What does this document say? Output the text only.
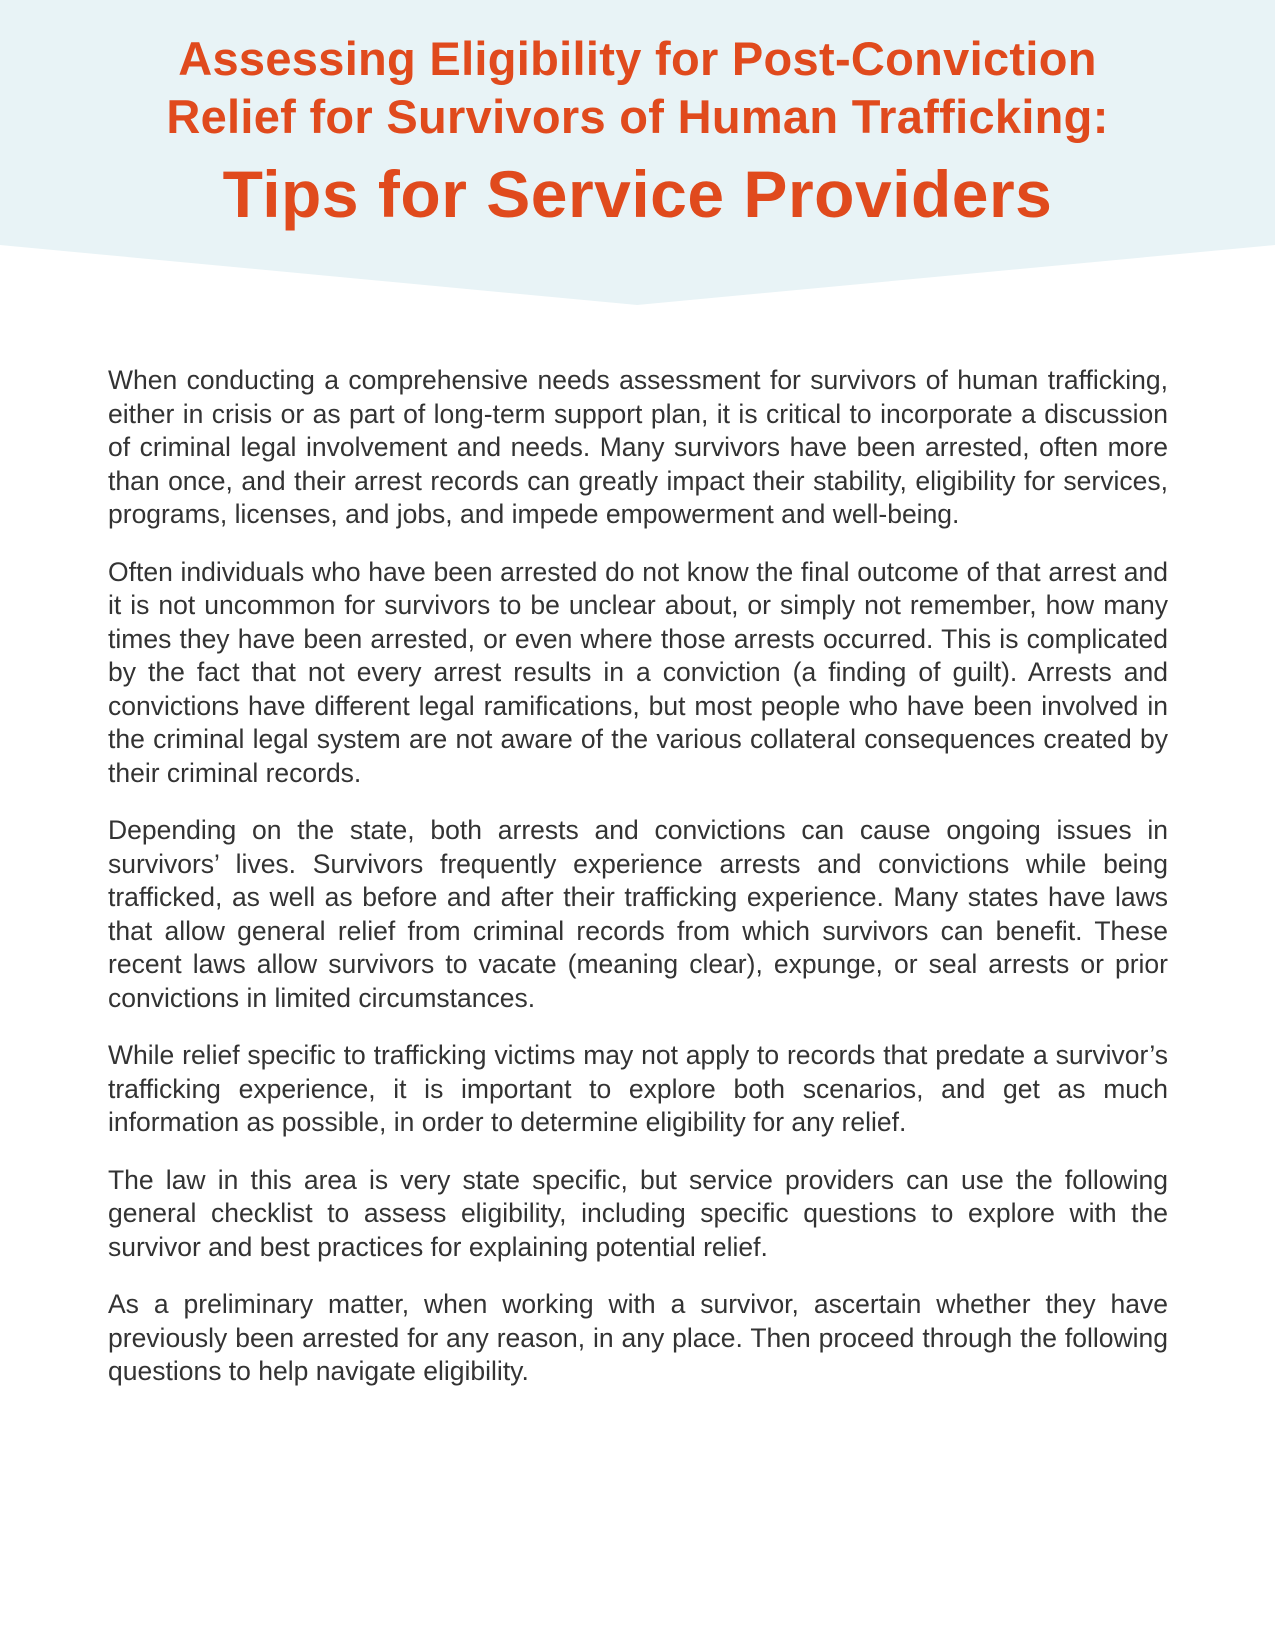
Assessing Eligibility for Post-Conviction
Relief for Survivors of Human Trafficking:
Tips for Service Providers

When conducting a comprehensive needs assessment for survivors of human trafficking, either in crisis or as part of long-term support plan, it is critical to incorporate a discussion of criminal legal involvement and needs. Many survivors have been arrested, often more than once, and their arrest records can greatly impact their stability, eligibility for services, programs, licenses, and jobs, and impede empowerment and well-being.

Often individuals who have been arrested do not know the final outcome of that arrest and it is not uncommon for survivors to be unclear about, or simply not remember, how many times they have been arrested, or even where those arrests occurred. This is complicated by the fact that not every arrest results in a conviction (a finding of guilt). Arrests and convictions have different legal ramifications, but most people who have been involved in the criminal legal system are not aware of the various collateral consequences created by their criminal records.

Depending on the state, both arrests and convictions can cause ongoing issues in survivors’ lives. Survivors frequently experience arrests and convictions while being trafficked, as well as before and after their trafficking experience. Many states have laws that allow general relief from criminal records from which survivors can benefit. These recent laws allow survivors to vacate (meaning clear), expunge, or seal arrests or prior convictions in limited circumstances.

While relief specific to trafficking victims may not apply to records that predate a survivor’s trafficking experience, it is important to explore both scenarios, and get as much information as possible, in order to determine eligibility for any relief.

The law in this area is very state specific, but service providers can use the following general checklist to assess eligibility, including specific questions to explore with the survivor and best practices for explaining potential relief.

As a preliminary matter, when working with a survivor, ascertain whether they have previously been arrested for any reason, in any place. Then proceed through the following questions to help navigate eligibility.
